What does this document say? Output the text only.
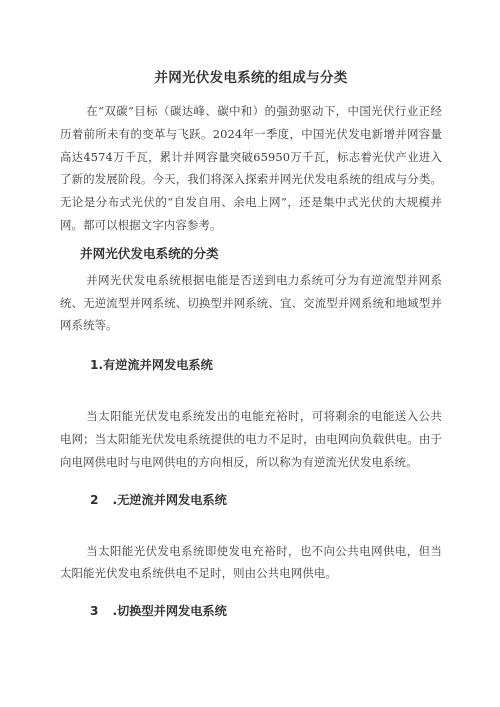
并网光伏发电系统的组成与分类

在“双碳”目标（碳达峰、碳中和）的强劲驱动下，中国光伏行业正经历着前所未有的变革与飞跃。2024年一季度，中国光伏发电新增并网容量高达4574万千瓦，累计并网容量突破65950万千瓦，标志着光伏产业进入了新的发展阶段。今天，我们将深入探索并网光伏发电系统的组成与分类。无论是分布式光伏的“自发自用、余电上网”，还是集中式光伏的大规模并网。都可以根据文字内容参考。

并网光伏发电系统的分类

并网光伏发电系统根据电能是否送到电力系统可分为有逆流型并网系统、无逆流型并网系统、切换型并网系统、宜、交流型并网系统和地域型并网系统等。

1.有逆流并网发电系统

当太阳能光伏发电系统发出的电能充裕时，可将剩余的电能送入公共电网；当太阳能光伏发电系统提供的电力不足时，由电网向负载供电。由于向电网供电时与电网供电的方向相反，所以称为有逆流光伏发电系统。

2 .无逆流并网发电系统

当太阳能光伏发电系统即使发电充裕时，也不向公共电网供电，但当太阳能光伏发电系统供电不足时，则由公共电网供电。

3 .切换型并网发电系统
